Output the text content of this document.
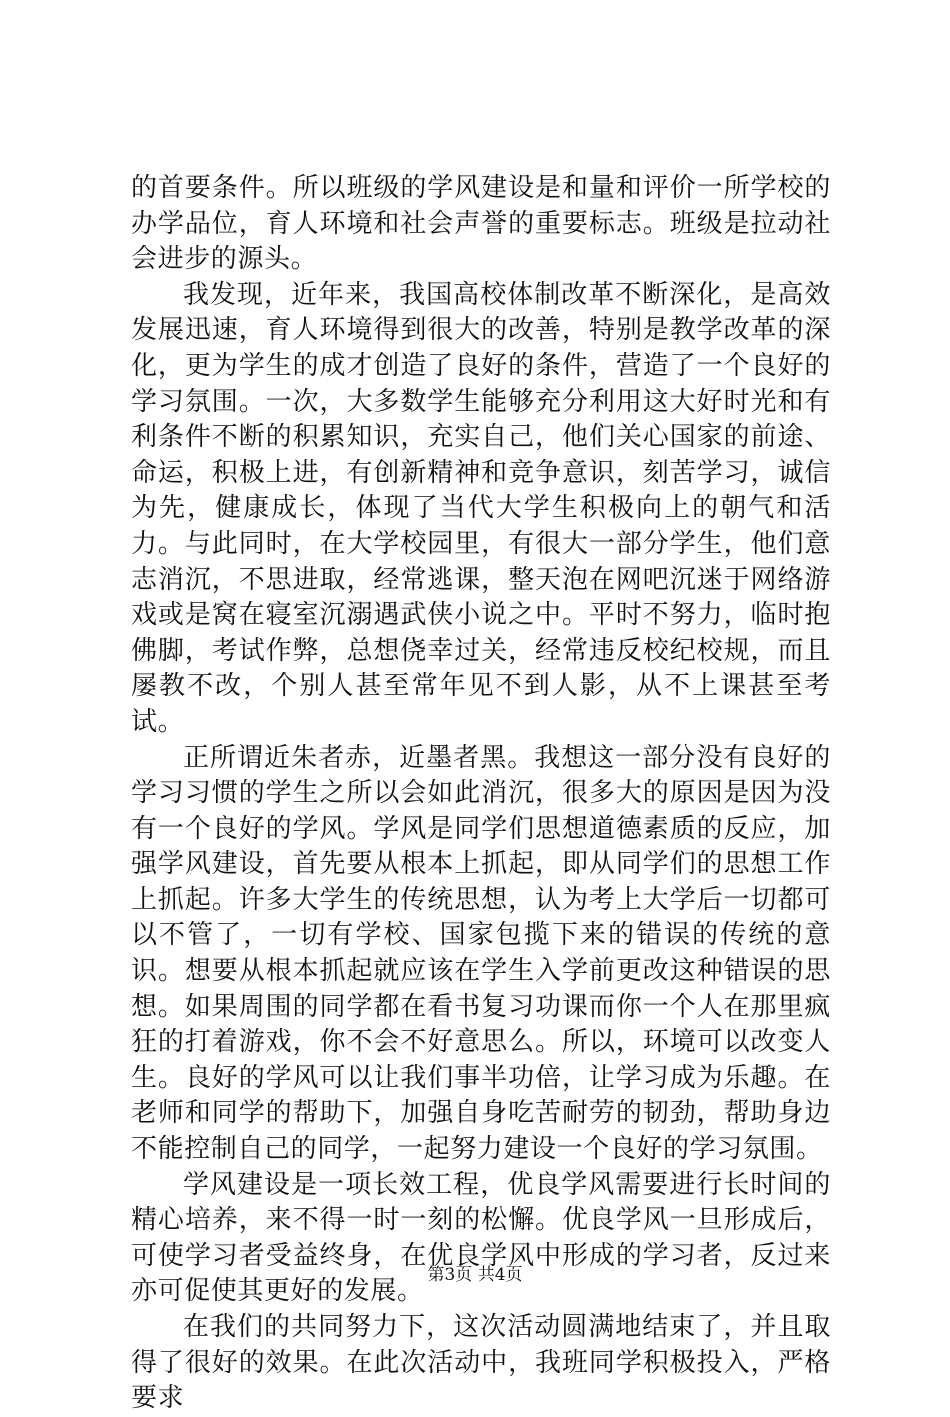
的首要条件。所以班级的学风建设是和量和评价一所学校的办学品位，育人环境和社会声誉的重要标志。班级是拉动社会进步的源头。

我发现，近年来，我国高校体制改革不断深化，是高效发展迅速，育人环境得到很大的改善，特别是教学改革的深化，更为学生的成才创造了良好的条件，营造了一个良好的学习氛围。一次，大多数学生能够充分利用这大好时光和有利条件不断的积累知识，充实自己，他们关心国家的前途、命运，积极上进，有创新精神和竞争意识，刻苦学习，诚信为先，健康成长，体现了当代大学生积极向上的朝气和活力。与此同时，在大学校园里，有很大一部分学生，他们意志消沉，不思进取，经常逃课，整天泡在网吧沉迷于网络游戏或是窝在寝室沉溺遇武侠小说之中。平时不努力，临时抱佛脚，考试作弊，总想侥幸过关，经常违反校纪校规，而且屡教不改，个别人甚至常年见不到人影，从不上课甚至考试。

正所谓近朱者赤，近墨者黑。我想这一部分没有良好的学习习惯的学生之所以会如此消沉，很多大的原因是因为没有一个良好的学风。学风是同学们思想道德素质的反应，加强学风建设，首先要从根本上抓起，即从同学们的思想工作上抓起。许多大学生的传统思想，认为考上大学后一切都可以不管了，一切有学校、国家包揽下来的错误的传统的意识。想要从根本抓起就应该在学生入学前更改这种错误的思想。如果周围的同学都在看书复习功课而你一个人在那里疯狂的打着游戏，你不会不好意思么。所以，环境可以改变人生。良好的学风可以让我们事半功倍，让学习成为乐趣。在老师和同学的帮助下，加强自身吃苦耐劳的韧劲，帮助身边不能控制自己的同学，一起努力建设一个良好的学习氛围。

学风建设是一项长效工程，优良学风需要进行长时间的精心培养，来不得一时一刻的松懈。优良学风一旦形成后，可使学习者受益终身，在优良学风中形成的学习者，反过来亦可促使其更好的发展。

在我们的共同努力下，这次活动圆满地结束了，并且取得了很好的效果。在此次活动中，我班同学积极投入，严格要求

第3页 共4页
